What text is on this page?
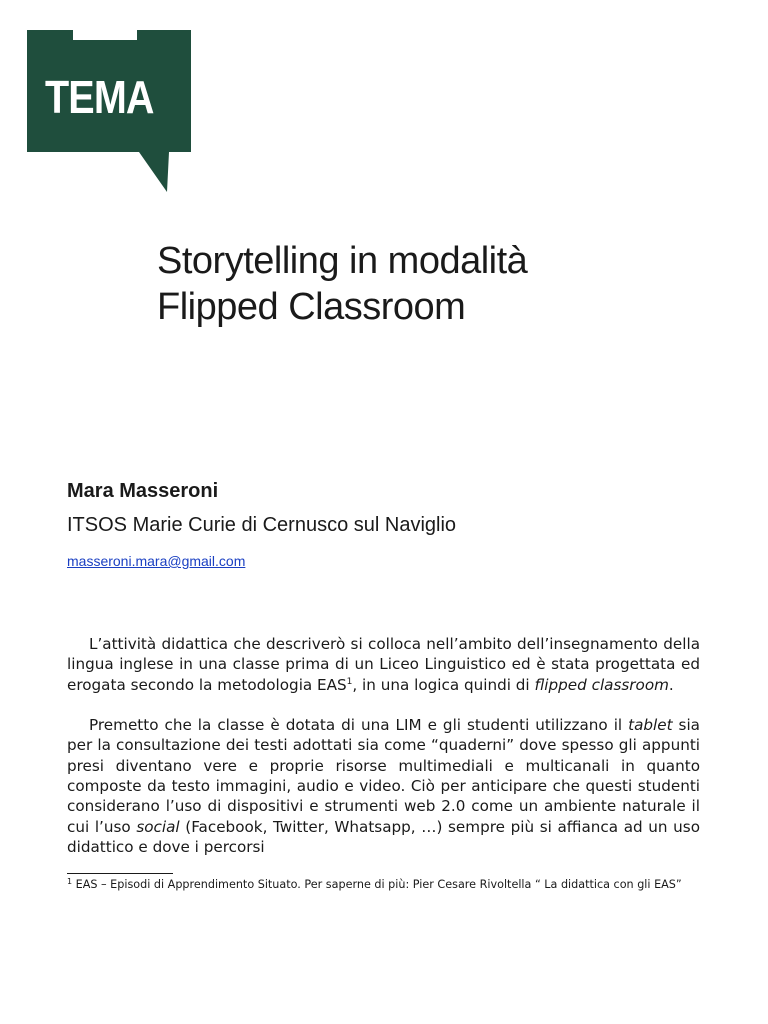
TEMA
Storytelling in modalità
Flipped Classroom
Mara Masseroni
ITSOS Marie Curie di Cernusco sul Naviglio
masseroni.mara@gmail.com

L’attività didattica che descriverò si colloca nell’ambito dell’insegnamento della lingua inglese in una classe prima di un Liceo Linguistico ed è stata progettata ed erogata secondo la metodologia EAS$^1$, in una logica quindi di flipped classroom.

Premetto che la classe è dotata di una LIM e gli studenti utilizzano il tablet sia per la consultazione dei testi adottati sia come “quaderni” dove spesso gli appunti presi diventano vere e proprie risorse multimediali e multicanali in quanto composte da testo immagini, audio e video. Ciò per anticipare che questi studenti considerano l’uso di dispositivi e strumenti web 2.0 come un ambiente naturale il cui l’uso social (Facebook, Twitter, Whatsapp, …) sempre più si affianca ad un uso didattico e dove i percorsi

$^1$ EAS – Episodi di Apprendimento Situato. Per saperne di più: Pier Cesare Rivoltella “ La didattica con gli EAS”
